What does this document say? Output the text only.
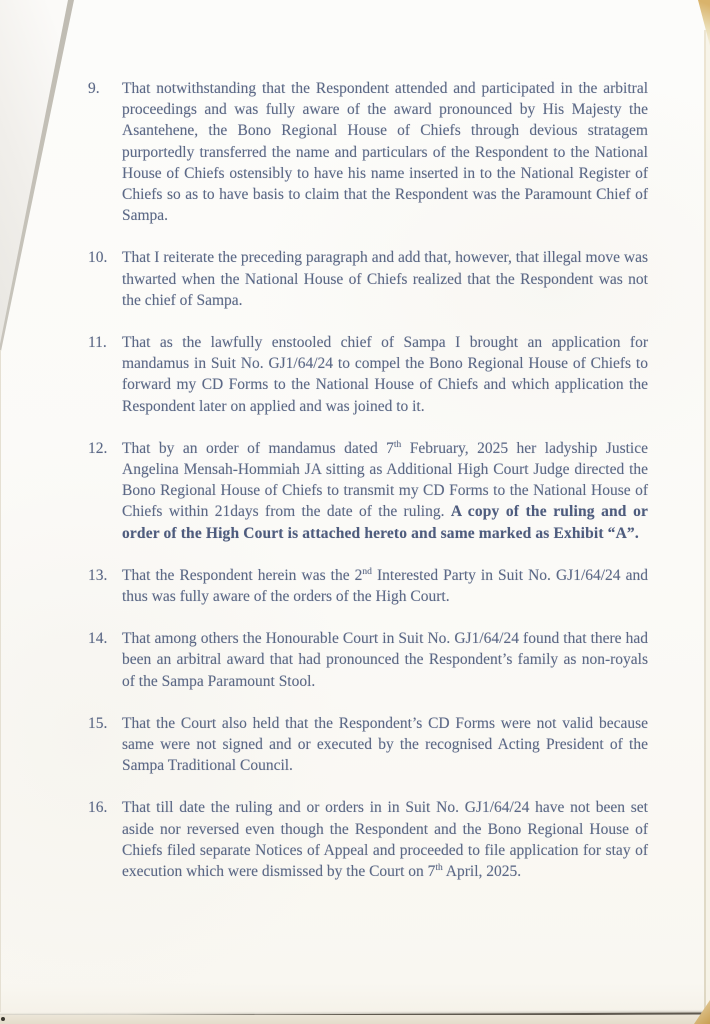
9.	That notwithstanding that the Respondent attended and participated in the arbitral proceedings and was fully aware of the award pronounced by His Majesty the Asantehene, the Bono Regional House of Chiefs through devious stratagem purportedly transferred the name and particulars of the Respondent to the National House of Chiefs ostensibly to have his name inserted in to the National Register of Chiefs so as to have basis to claim that the Respondent was the Paramount Chief of Sampa.
10. That I reiterate the preceding paragraph and add that, however, that illegal move was thwarted when the National House of Chiefs realized that the Respondent was not the chief of Sampa.
11. That as the lawfully enstooled chief of Sampa I brought an application for mandamus in Suit No. GJ1/64/24 to compel the Bono Regional House of Chiefs to forward my CD Forms to the National House of Chiefs and which application the Respondent later on applied and was joined to it.
12. That by an order of mandamus dated 7th February, 2025 her ladyship Justice Angelina Mensah-Hommiah JA sitting as Additional High Court Judge directed the Bono Regional House of Chiefs to transmit my CD Forms to the National House of Chiefs within 21days from the date of the ruling. A copy of the ruling and or order of the High Court is attached hereto and same marked as Exhibit “A”.
13. That the Respondent herein was the 2nd Interested Party in Suit No. GJ1/64/24 and thus was fully aware of the orders of the High Court.
14. That among others the Honourable Court in Suit No. GJ1/64/24 found that there had been an arbitral award that had pronounced the Respondent’s family as non-royals of the Sampa Paramount Stool.
15. That the Court also held that the Respondent’s CD Forms were not valid because same were not signed and or executed by the recognised Acting President of the Sampa Traditional Council.
16. That till date the ruling and or orders in in Suit No. GJ1/64/24 have not been set aside nor reversed even though the Respondent and the Bono Regional House of Chiefs filed separate Notices of Appeal and proceeded to file application for stay of execution which were dismissed by the Court on 7th April, 2025.
